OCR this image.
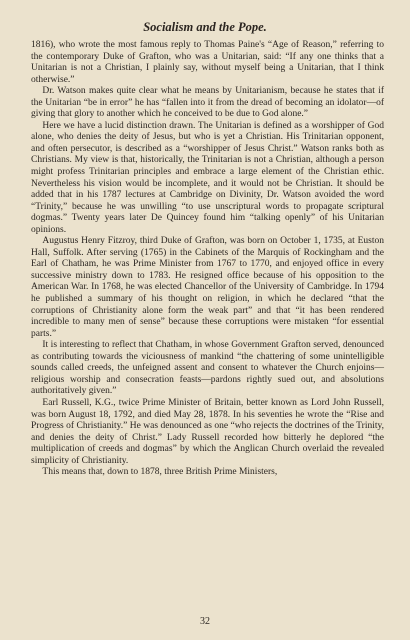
Socialism and the Pope.

1816), who wrote the most famous reply to Thomas Paine's “Age of Reason,” referring to the contemporary Duke of Grafton, who was a Unitarian, said: “If any one thinks that a Unitarian is not a Christian, I plainly say, without myself being a Unitarian, that I think otherwise.”

Dr. Watson makes quite clear what he means by Unitarianism, because he states that if the Unitarian “be in error” he has “fallen into it from the dread of becoming an idolator—of giving that glory to another which he conceived to be due to God alone.”

Here we have a lucid distinction drawn. The Unitarian is defined as a worshipper of God alone, who denies the deity of Jesus, but who is yet a Christian. His Trinitarian opponent, and often persecutor, is described as a “worshipper of Jesus Christ.” Watson ranks both as Christians. My view is that, historically, the Trinitarian is not a Christian, although a person might profess Trinitarian principles and embrace a large element of the Christian ethic. Nevertheless his vision would be incomplete, and it would not be Christian. It should be added that in his 1787 lectures at Cambridge on Divinity, Dr. Watson avoided the word “Trinity,” because he was unwilling “to use unscriptural words to propagate scriptural dogmas.” Twenty years later De Quincey found him “talking openly” of his Unitarian opinions.

Augustus Henry Fitzroy, third Duke of Grafton, was born on October 1, 1735, at Euston Hall, Suffolk. After serving (1765) in the Cabinets of the Marquis of Rockingham and the Earl of Chatham, he was Prime Minister from 1767 to 1770, and enjoyed office in every successive ministry down to 1783. He resigned office because of his opposition to the American War. In 1768, he was elected Chancellor of the University of Cambridge. In 1794 he published a summary of his thought on religion, in which he declared “that the corruptions of Christianity alone form the weak part” and that “it has been rendered incredible to many men of sense” because these corruptions were mistaken “for essential parts.”

It is interesting to reflect that Chatham, in whose Government Grafton served, denounced as contributing towards the viciousness of mankind “the chattering of some unintelligible sounds called creeds, the unfeigned assent and consent to whatever the Church enjoins—religious worship and consecration feasts—pardons rightly sued out, and absolutions authoritatively given.”

Earl Russell, K.G., twice Prime Minister of Britain, better known as Lord John Russell, was born August 18, 1792, and died May 28, 1878. In his seventies he wrote the “Rise and Progress of Christianity.” He was denounced as one “who rejects the doctrines of the Trinity, and denies the deity of Christ.” Lady Russell recorded how bitterly he deplored “the multiplication of creeds and dogmas” by which the Anglican Church overlaid the revealed simplicity of Christianity.

This means that, down to 1878, three British Prime Ministers,

32
